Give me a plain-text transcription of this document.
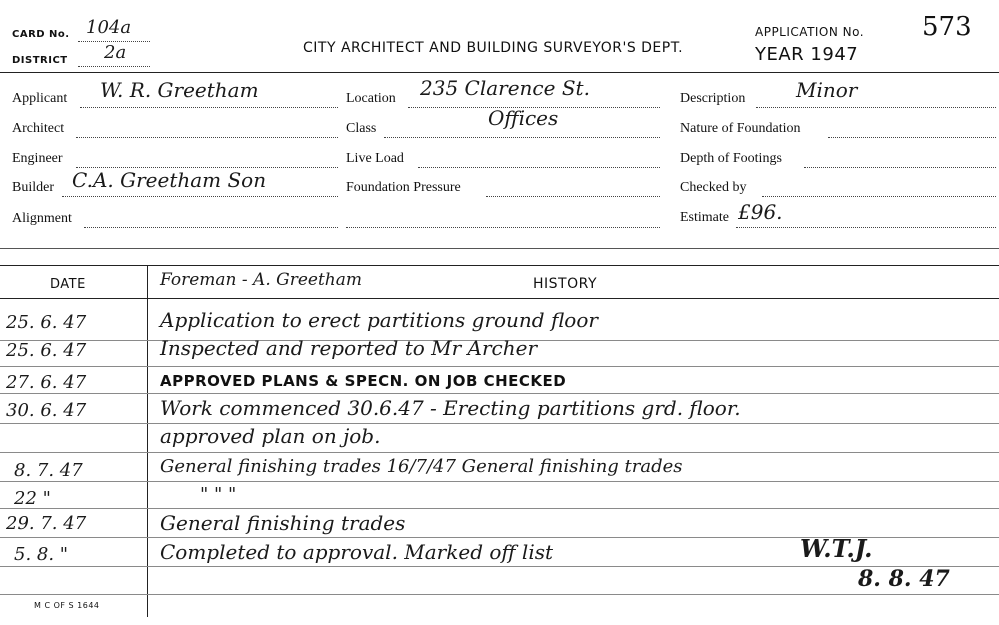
CARD No. 104a
DISTRICT 2a	CITY ARCHITECT AND BUILDING SURVEYOR'S DEPT.
APPLICATION No. 573
YEAR 1947
Applicant W. R. Greetham
Architect
Engineer
Builder C.A. Greetham Son
Alignment
Location 235 Clarence St.
Class	Offices
Live Load
Foundation Pressure
Description	Minor
Nature of Foundation
Depth of Footings
Checked by
Estimate £96.
DATE	Foreman - A. Greetham	HISTORY
25. 6. 47	Application to erect partitions ground floor
25. 6. 47	Inspected and reported to Mr Archer
27. 6. 47	APPROVED PLANS & SPECN. ON JOB CHECKED
30. 6. 47	Work commenced 30.6.47 - Erecting partitions grd. floor.
approved plan on job.
8. 7. 47	General finishing trades 16/7/47 General finishing trades
22 "	" " "
29. 7. 47	General finishing trades
5. 8. "	Completed to approval. Marked off list	W.T.J.
8. 8. 47
M C OF S 1644
